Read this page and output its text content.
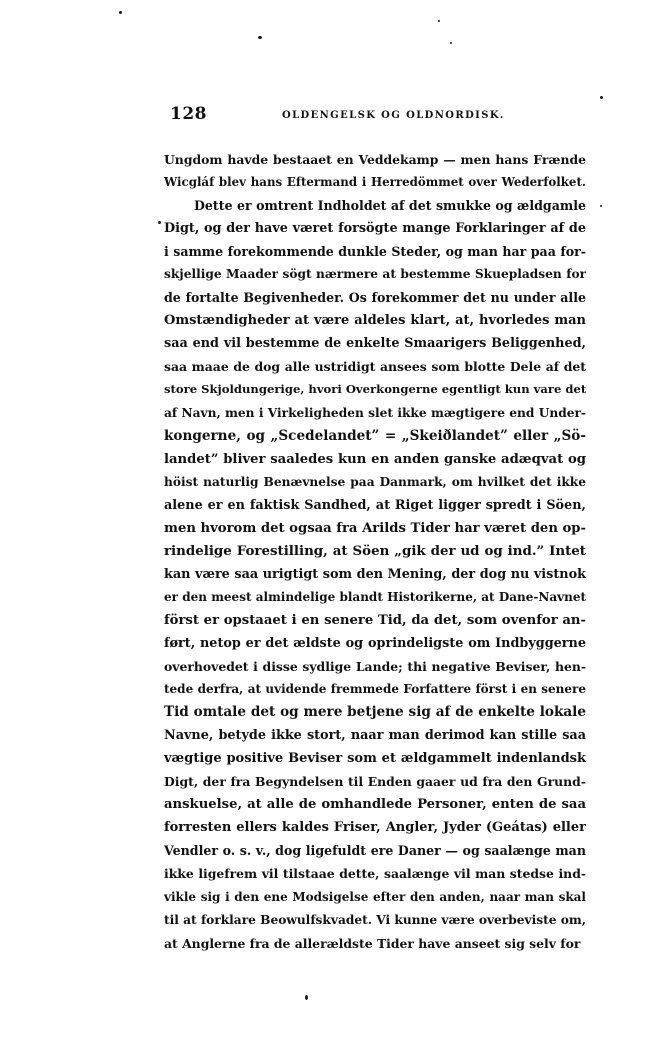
128	OLDENGELSK OG OLDNORDISK.
Ungdom havde bestaaet en Veddekamp — men hans Frænde
Wicgláf blev hans Eftermand i Herredömmet over Wederfolket.
Dette er omtrent Indholdet af det smukke og ældgamle
Digt, og der have været forsögte mange Forklaringer af de
i samme forekommende dunkle Steder, og man har paa for-
skjellige Maader sögt nærmere at bestemme Skuepladsen for
de fortalte Begivenheder. Os forekommer det nu under alle
Omstændigheder at være aldeles klart, at, hvorledes man
saa end vil bestemme de enkelte Smaarigers Beliggenhed,
saa maae de dog alle ustridigt ansees som blotte Dele af det
store Skjoldungerige, hvori Overkongerne egentligt kun vare det
af Navn, men i Virkeligheden slet ikke mægtigere end Under-
kongerne, og „Scedelandet” = „Skeiðlandet” eller „Sö-
landet” bliver saaledes kun en anden ganske adæqvat og
höist naturlig Benævnelse paa Danmark, om hvilket det ikke
alene er en faktisk Sandhed, at Riget ligger spredt i Söen,
men hvorom det ogsaa fra Arilds Tider har været den op-
rindelige Forestilling, at Söen „gik der ud og ind.” Intet
kan være saa urigtigt som den Mening, der dog nu vistnok
er den meest almindelige blandt Historikerne, at Dane-Navnet
först er opstaaet i en senere Tid, da det, som ovenfor an-
ført, netop er det ældste og oprindeligste om Indbyggerne
overhovedet i disse sydlige Lande; thi negative Beviser, hen-
tede derfra, at uvidende fremmede Forfattere först i en senere
Tid omtale det og mere betjene sig af de enkelte lokale
Navne, betyde ikke stort, naar man derimod kan stille saa
vægtige positive Beviser som et ældgammelt indenlandsk
Digt, der fra Begyndelsen til Enden gaaer ud fra den Grund-
anskuelse, at alle de omhandlede Personer, enten de saa
forresten ellers kaldes Friser, Angler, Jyder (Geátas) eller
Vendler o. s. v., dog ligefuldt ere Daner — og saalænge man
ikke ligefrem vil tilstaae dette, saalænge vil man stedse ind-
vikle sig i den ene Modsigelse efter den anden, naar man skal
til at forklare Beowulfskvadet. Vi kunne være overbeviste om,
at Anglerne fra de allerældste Tider have anseet sig selv for
